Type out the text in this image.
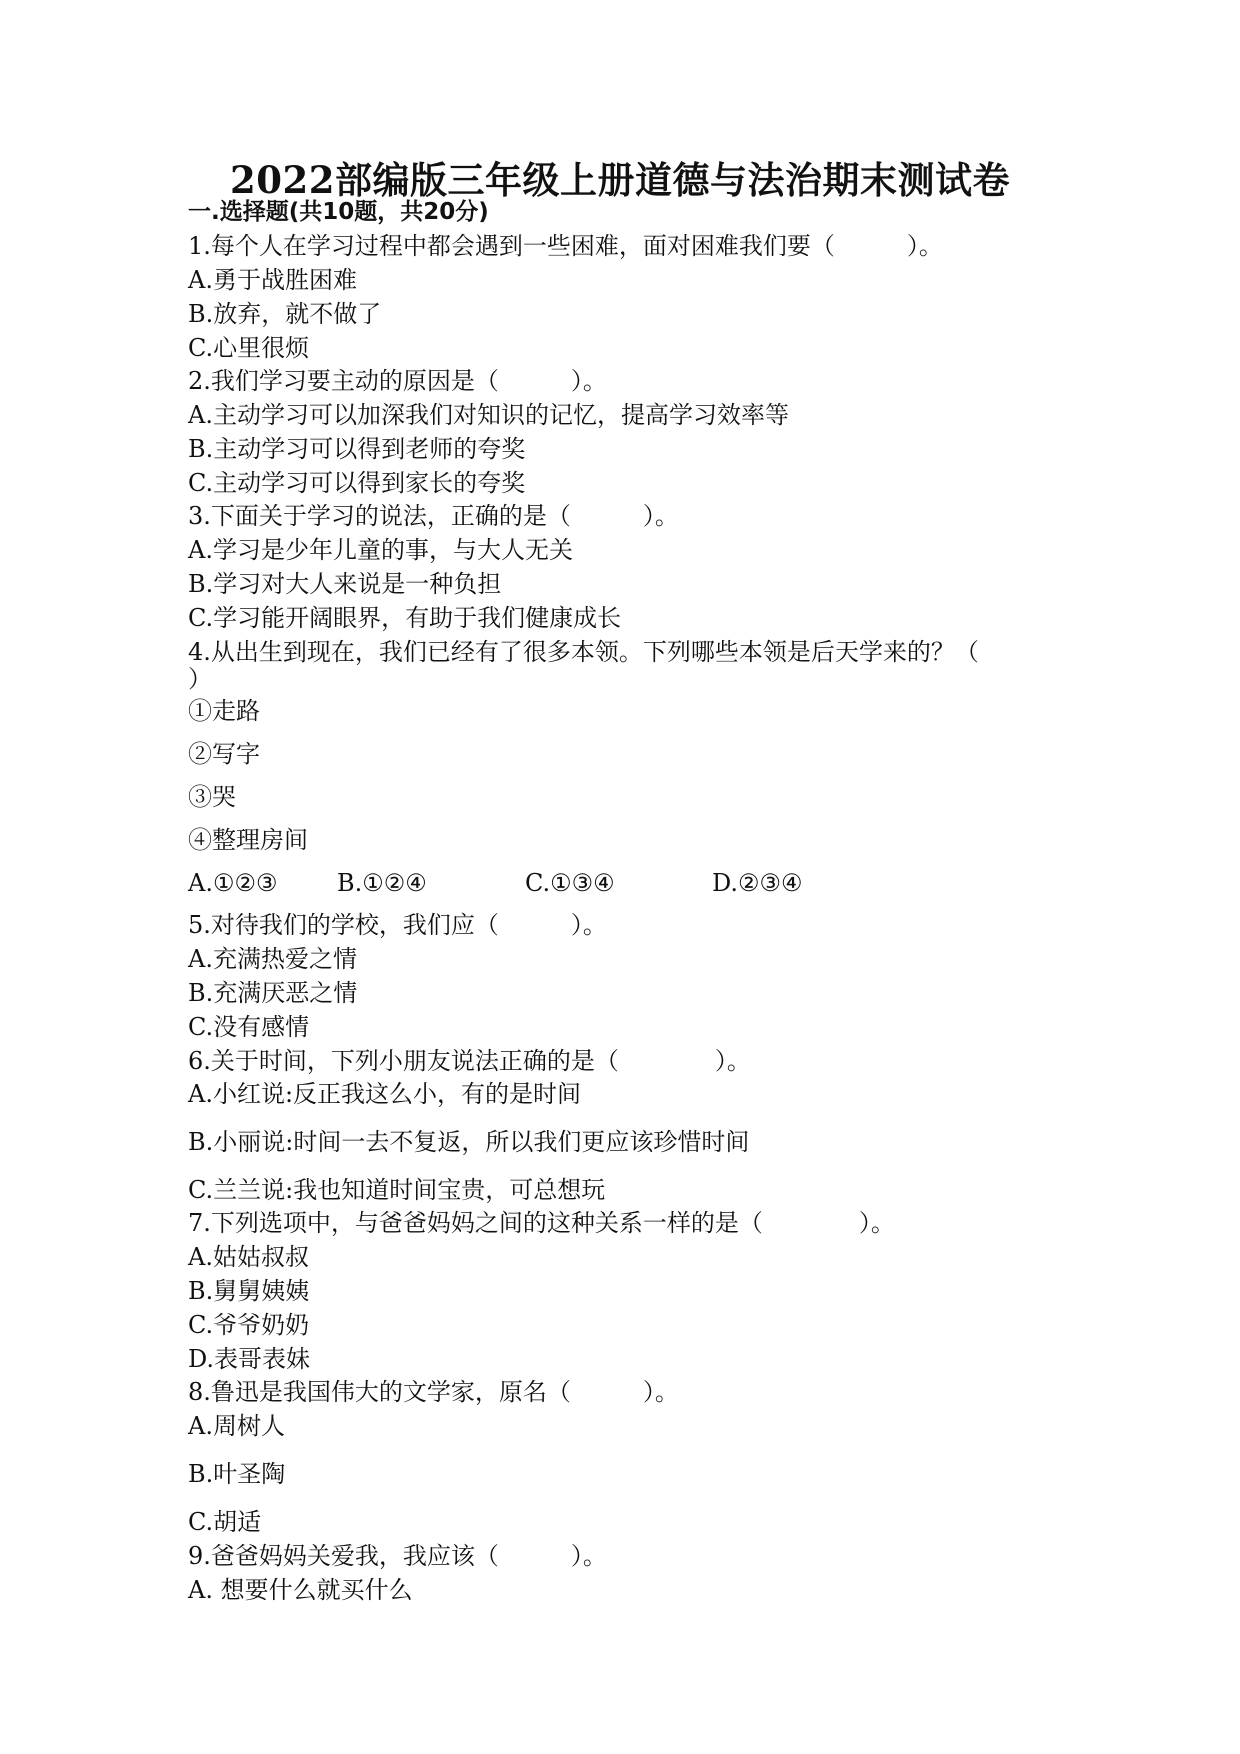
2022部编版三年级上册道德与法治期末测试卷
一.选择题(共10题，共20分)
1.每个人在学习过程中都会遇到一些困难，面对困难我们要（　　　）。
A.勇于战胜困难
B.放弃，就不做了
C.心里很烦
2.我们学习要主动的原因是（　　　）。
A.主动学习可以加深我们对知识的记忆，提高学习效率等
B.主动学习可以得到老师的夸奖
C.主动学习可以得到家长的夸奖
3.下面关于学习的说法，正确的是（　　　）。
A.学习是少年儿童的事，与大人无关
B.学习对大人来说是一种负担
C.学习能开阔眼界，有助于我们健康成长
4.从出生到现在，我们已经有了很多本领。下列哪些本领是后天学来的？（
）
①走路
②写字
③哭
④整理房间
A.①②③ B.①②④	C.①③④	D.②③④
5.对待我们的学校，我们应（　　　）。
A.充满热爱之情
B.充满厌恶之情
C.没有感情
6.关于时间，下列小朋友说法正确的是（　　　　）。
A.小红说:反正我这么小，有的是时间
B.小丽说:时间一去不复返，所以我们更应该珍惜时间
C.兰兰说:我也知道时间宝贵，可总想玩
7.下列选项中，与爸爸妈妈之间的这种关系一样的是（　　　　）。
A.姑姑叔叔
B.舅舅姨姨
C.爷爷奶奶
D.表哥表妹
8.鲁迅是我国伟大的文学家，原名（　　　）。
A.周树人
B.叶圣陶
C.胡适
9.爸爸妈妈关爱我，我应该（　　　）。
A. 想要什么就买什么
